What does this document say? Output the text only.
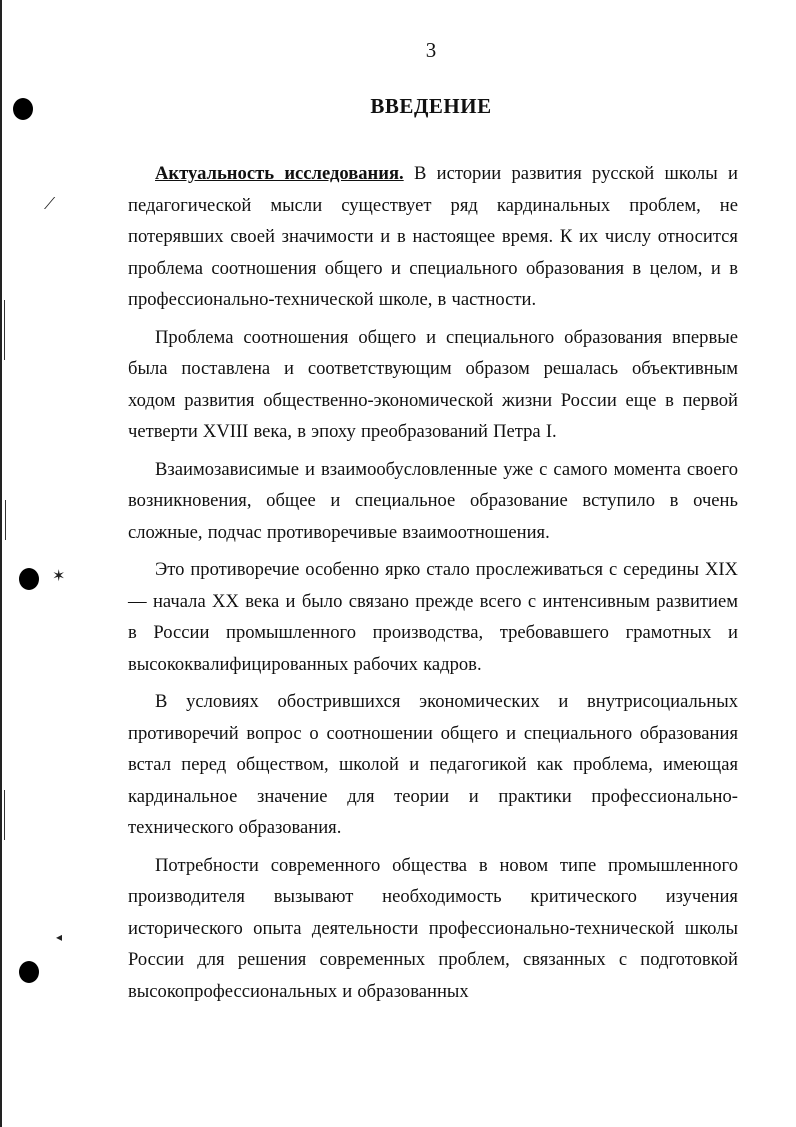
⟋
✶
◂
3
ВВЕДЕНИЕ

Актуальность исследования. В истории развития русской школы и педагогической мысли существует ряд кардинальных проблем, не потерявших своей значимости и в настоящее время. К их числу относится проблема соотношения общего и специального образования в целом, и в профессионально-технической школе, в частности.

Проблема соотношения общего и специального образования впервые была поставлена и соответствующим образом решалась объективным ходом развития общественно-экономической жизни России еще в первой четверти XVIII века, в эпоху преобразований Петра I.

Взаимозависимые и взаимообусловленные уже с самого момента своего возникновения, общее и специальное образование вступило в очень сложные, подчас противоречивые взаимоотношения.

Это противоречие особенно ярко стало прослеживаться с середины XIX — начала XX века и было связано прежде всего с интенсивным развитием в России промышленного производства, требовавшего грамотных и высококвалифицированных рабочих кадров.

В условиях обострившихся экономических и внутрисоциальных противоречий вопрос о соотношении общего и специального образования встал перед обществом, школой и педагогикой как проблема, имеющая кардинальное значение для теории и практики профессионально-технического образования.

Потребности современного общества в новом типе промышленного производителя вызывают необходимость критического изучения исторического опыта деятельности профессионально-технической школы России для решения современных проблем, связанных с подготовкой высокопрофессиональных и образованных
